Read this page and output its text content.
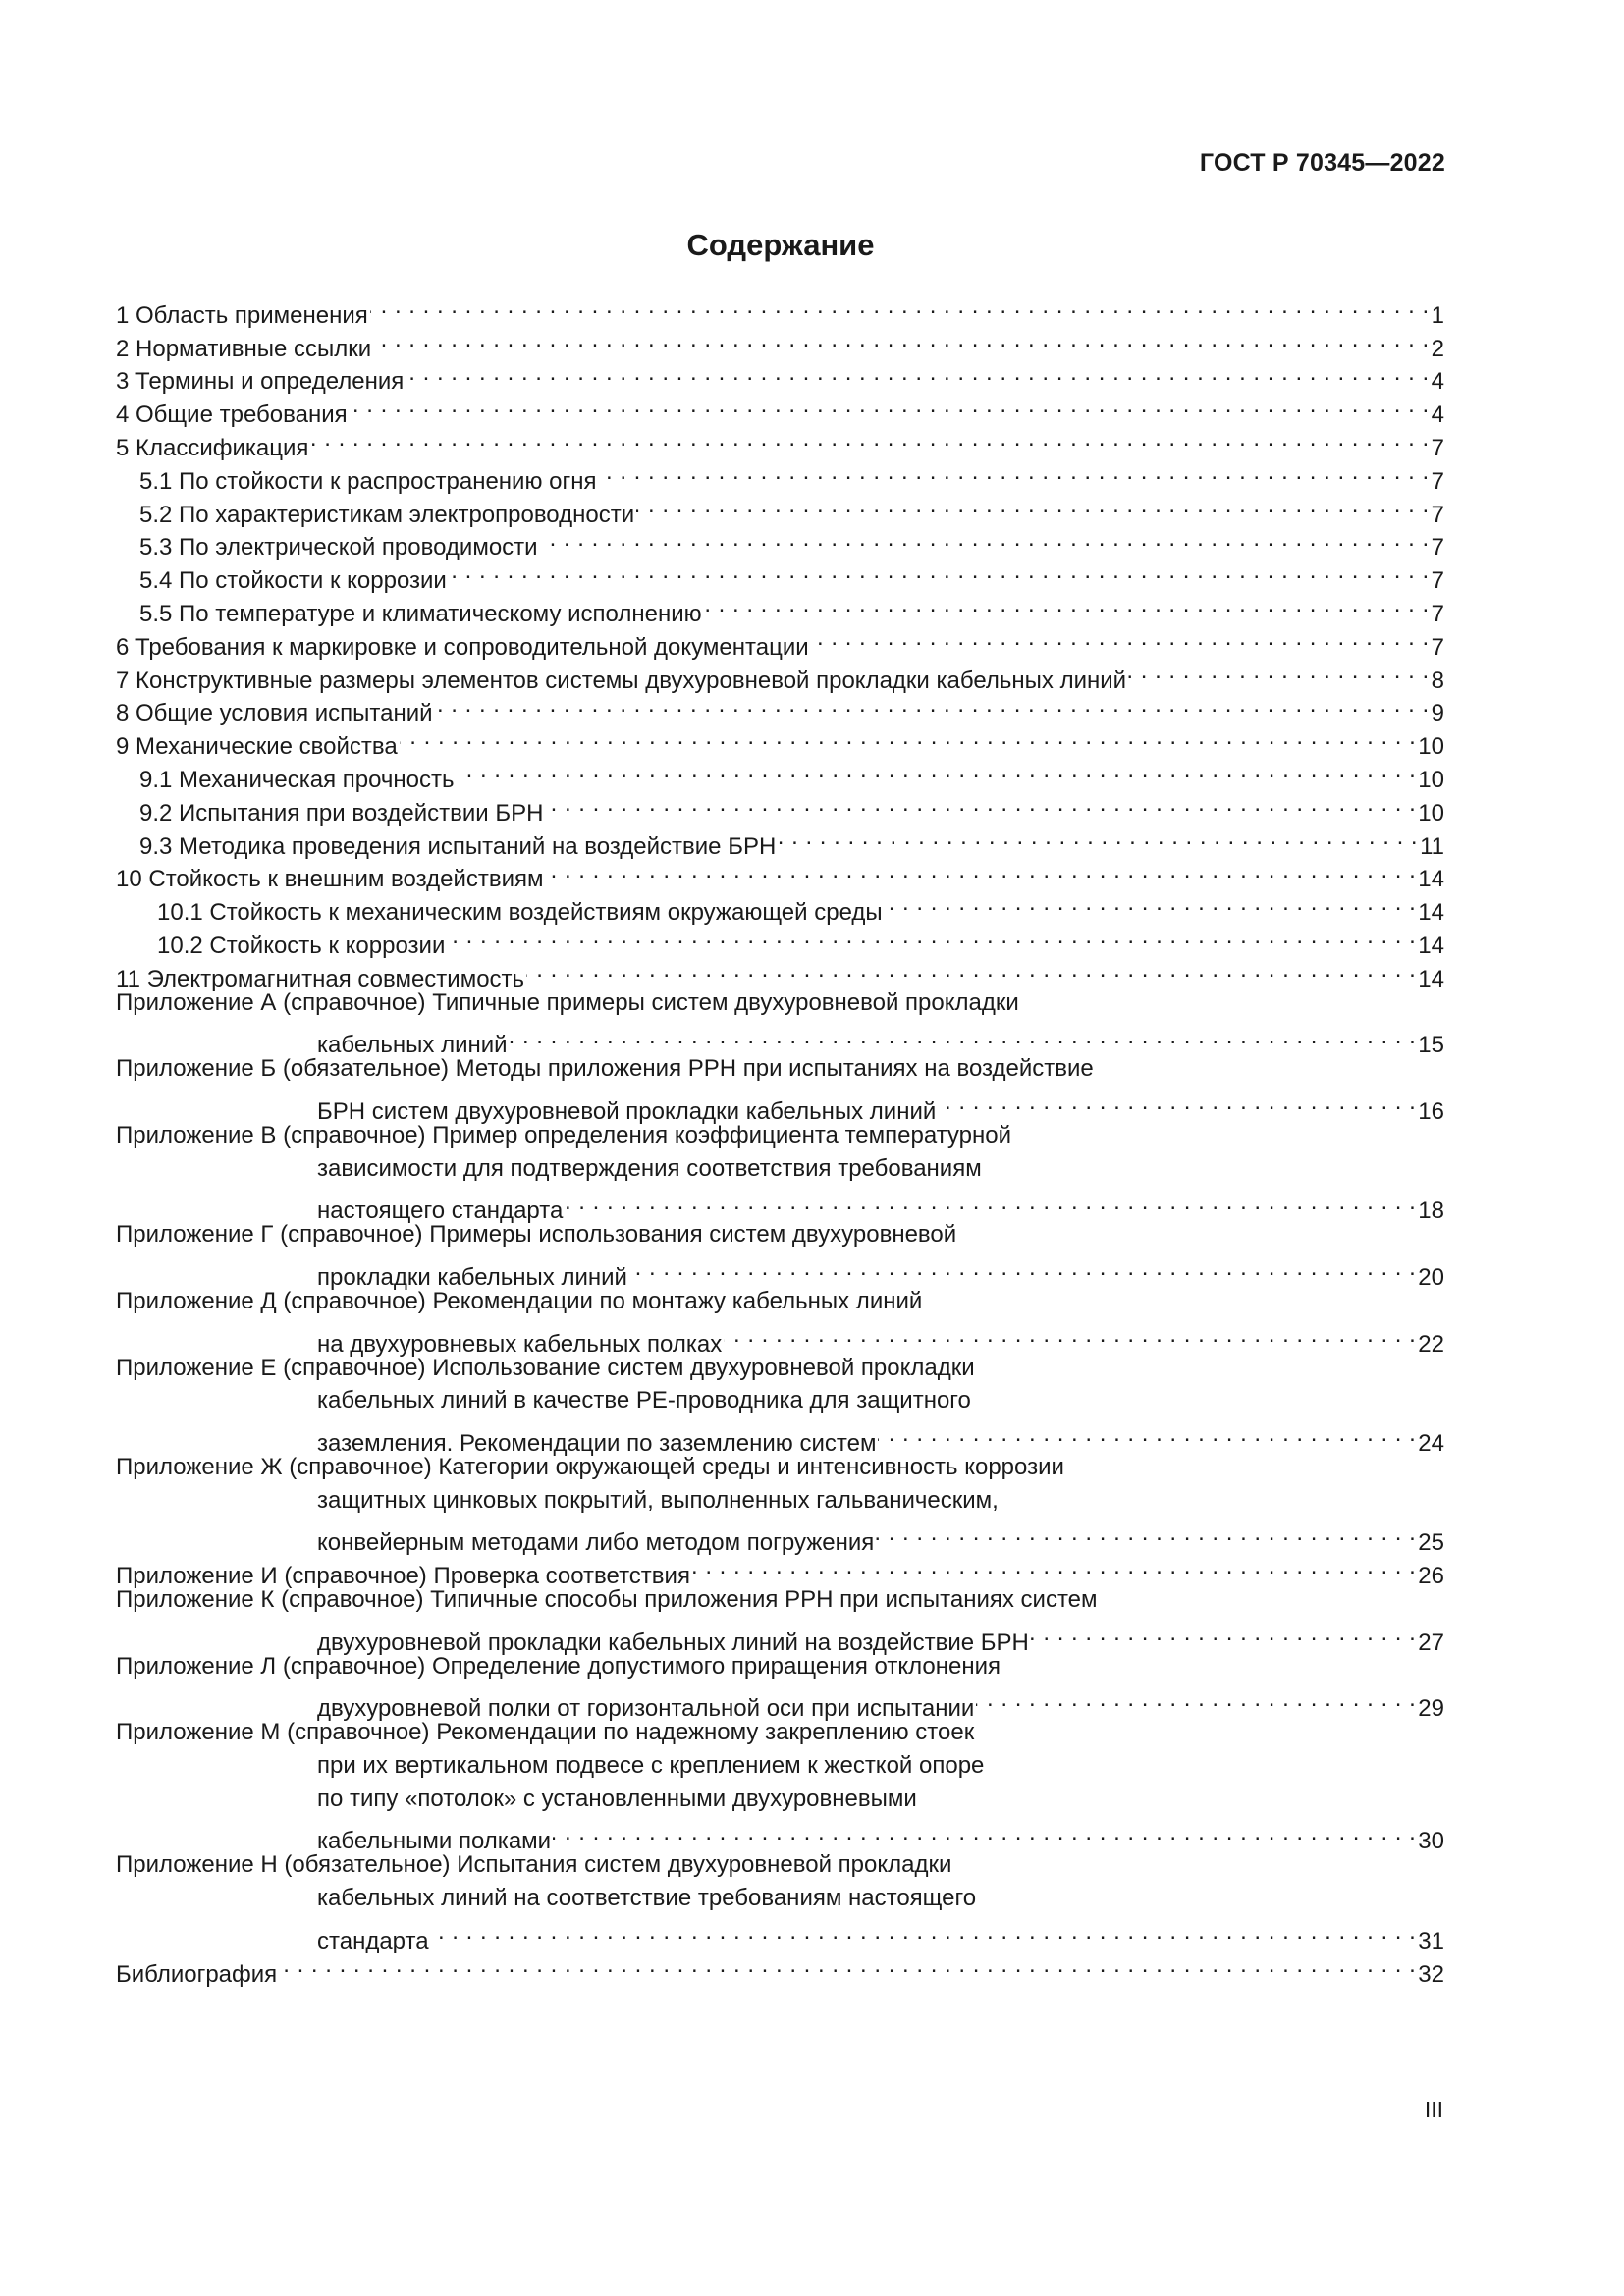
ГОСТ Р 70345—2022
Содержание
1 Область применения . . .	1
2 Нормативные ссылки . . .	2
3 Термины и определения . . .	4
4 Общие требования . . .	4
5 Классификация . . .	7
5.1 По стойкости к распространению огня . . .	7
5.2 По характеристикам электропроводности . . .	7
5.3 По электрической проводимости . . .	7
5.4 По стойкости к коррозии . . .	7
5.5 По температуре и климатическому исполнению . . .	7
6 Требования к маркировке и сопроводительной документации . . .	7
7 Конструктивные размеры элементов системы двухуровневой прокладки кабельных линий . . .	8
8 Общие условия испытаний . . .	9
9 Механические свойства . . .	10
9.1 Механическая прочность . . .	10
9.2 Испытания при воздействии БРН . . .	10
9.3 Методика проведения испытаний на воздействие БРН . . .	11
10 Стойкость к внешним воздействиям . . .	14
10.1 Стойкость к механическим воздействиям окружающей среды . . .	14
10.2 Стойкость к коррозии . . .	14
11 Электромагнитная совместимость . . .	14
Приложение А (справочное) Типичные примеры систем двухуровневой прокладки
кабельных линий . . .	15
Приложение Б (обязательное) Методы приложения РРН при испытаниях на воздействие
БРН систем двухуровневой прокладки кабельных линий . . .	16
Приложение В (справочное) Пример определения коэффициента температурной
зависимости для подтверждения соответствия требованиям
настоящего стандарта . . .	18
Приложение Г (справочное) Примеры использования систем двухуровневой
прокладки кабельных линий . . .	20
Приложение Д (справочное) Рекомендации по монтажу кабельных линий
на двухуровневых кабельных полках . . .	22
Приложение Е (справочное) Использование систем двухуровневой прокладки
кабельных линий в качестве РЕ-проводника для защитного
заземления. Рекомендации по заземлению систем . . .	24
Приложение Ж (справочное) Категории окружающей среды и интенсивность коррозии
защитных цинковых покрытий, выполненных гальваническим,
конвейерным методами либо методом погружения . . .	25
Приложение И (справочное) Проверка соответствия . . .	26
Приложение К (справочное) Типичные способы приложения РРН при испытаниях систем
двухуровневой прокладки кабельных линий на воздействие БРН . . .	27
Приложение Л (справочное) Определение допустимого приращения отклонения
двухуровневой полки от горизонтальной оси при испытании . . .	29
Приложение М (справочное) Рекомендации по надежному закреплению стоек
при их вертикальном подвесе с креплением к жесткой опоре
по типу «потолок» с установленными двухуровневыми
кабельными полками . . .	30
Приложение Н (обязательное) Испытания систем двухуровневой прокладки
кабельных линий на соответствие требованиям настоящего
стандарта . . .	31
Библиография . . .	32
III
